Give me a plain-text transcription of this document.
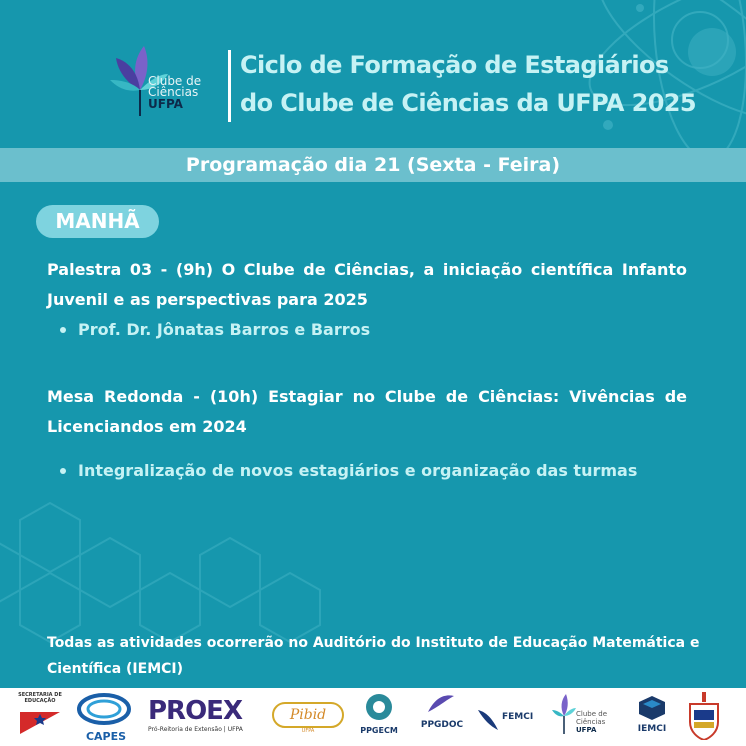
Clube de
Ciências
UFPA
Ciclo de Formação de Estagiários
do Clube de Ciências da UFPA 2025
Programação dia 21 (Sexta - Feira)
MANHÃ
Palestra 03 - (9h) O Clube de Ciências, a iniciação científica Infanto Juvenil e as perspectivas para 2025
Prof. Dr. Jônatas Barros e Barros
Mesa Redonda - (10h) Estagiar no Clube de Ciências: Vivências de Licenciandos em 2024
Integralização de novos estagiários e organização das turmas
Todas as atividades ocorrerão no Auditório do Instituto de Educação Matemática e Científica (IEMCI)
SECRETARIA DE
EDUCAÇÃO
CAPES
PROEX
Pró-Reitoria de Extensão | UFPA
Pibid
UFPA	PPGECM
PPGDOC
FEMCI	Clube de
Ciências
UFPA	IEMCI
